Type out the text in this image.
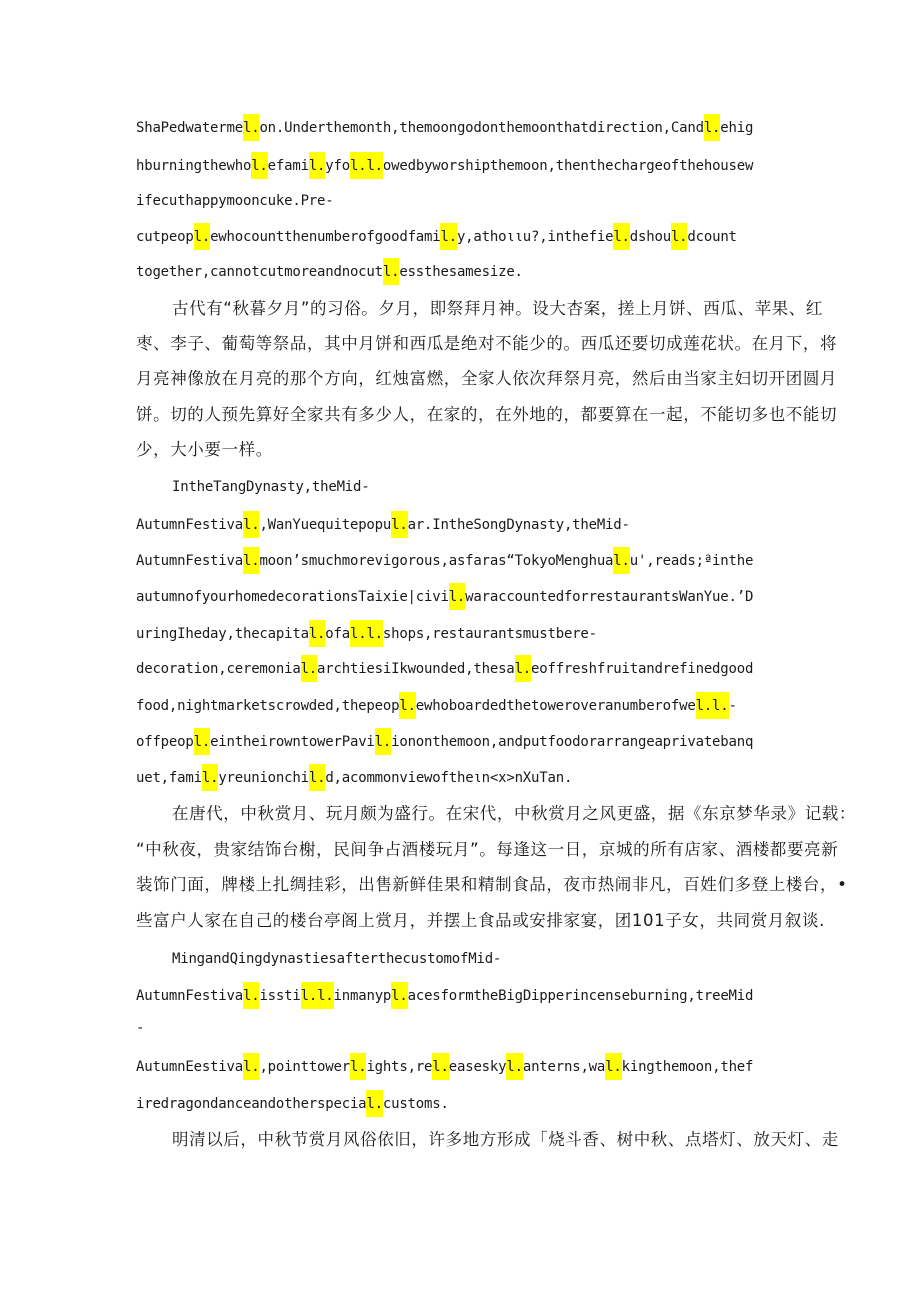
ShaPedwatermel.on.Underthemonth,themoongodonthemoonthatdirection,Candl.ehig
hburningthewhol.efamil.yfol.l.owedbyworshipthemoon,thenthechargeofthehousew
ifecuthappymooncuke.Pre-
cutpeopl.ewhocountthenumberofgoodfamil.y,athoιιu?,inthefiel.dshoul.dcount
together,cannotcutmoreandnocutl.essthesamesize.
古代有“秋暮夕月”的习俗。夕月，即祭拜月神。设大杏案，搓上月饼、西瓜、苹果、红
枣、李子、葡萄等祭品，其中月饼和西瓜是绝对不能少的。西瓜还要切成莲花状。在月下，将
月亮神像放在月亮的那个方向，红烛富燃，全家人依次拜祭月亮，然后由当家主妇切开团圆月
饼。切的人预先算好全家共有多少人，在家的，在外地的，都要算在一起，不能切多也不能切
少，大小要一样。
IntheTangDynasty,theMid-
AutumnFestival.,WanYuequitepopul.ar.IntheSongDynasty,theMid-
AutumnFestival.moon’smuchmorevigorous,asfaras“TokyoMenghual.u',reads;ªinthe
autumnofyourhomedecorationsTaixie|civil.waraccountedforrestaurantsWanYue.’D
uringIheday,thecapital.ofal.l.shops,restaurantsmustbere-
decoration,ceremonial.archtiesiIkwounded,thesal.eoffreshfruitandrefinedgood
food,nightmarketscrowded,thepeopl.ewhoboardedthetoweroveranumberofwel.l.-
offpeopl.eintheirowntowerPavil.iononthemoon,andputfoodorarrangeaprivatebanq
uet,famil.yreunionchil.d,acommonviewoftheιn<x>nXuTan.
在唐代，中秋赏月、玩月颇为盛行。在宋代，中秋赏月之风更盛，据《东京梦华录》记载：
“中秋夜，贵家结饰台榭，民间争占酒楼玩月”。每逢这一日，京城的所有店家、酒楼都要亮新
装饰门面，牌楼上扎绸挂彩，出售新鲜佳果和精制食品，夜市热闹非凡，百姓们多登上楼台，•
些富户人家在自己的楼台亭阁上赏月，并摆上食品或安排家宴，团101子女，共同赏月叙谈.
MingandQingdynastiesafterthecustomofMid-
AutumnFestival.isstil.l.inmanypl.acesformtheBigDipperincenseburning,treeMid
-
AutumnEestival.,pointtowerl.ights,rel.easeskyl.anterns,wal.kingthemoon,thef
iredragondanceandotherspecial.customs.
明清以后，中秋节赏月风俗依旧，许多地方形成「烧斗香、树中秋、点塔灯、放天灯、走
